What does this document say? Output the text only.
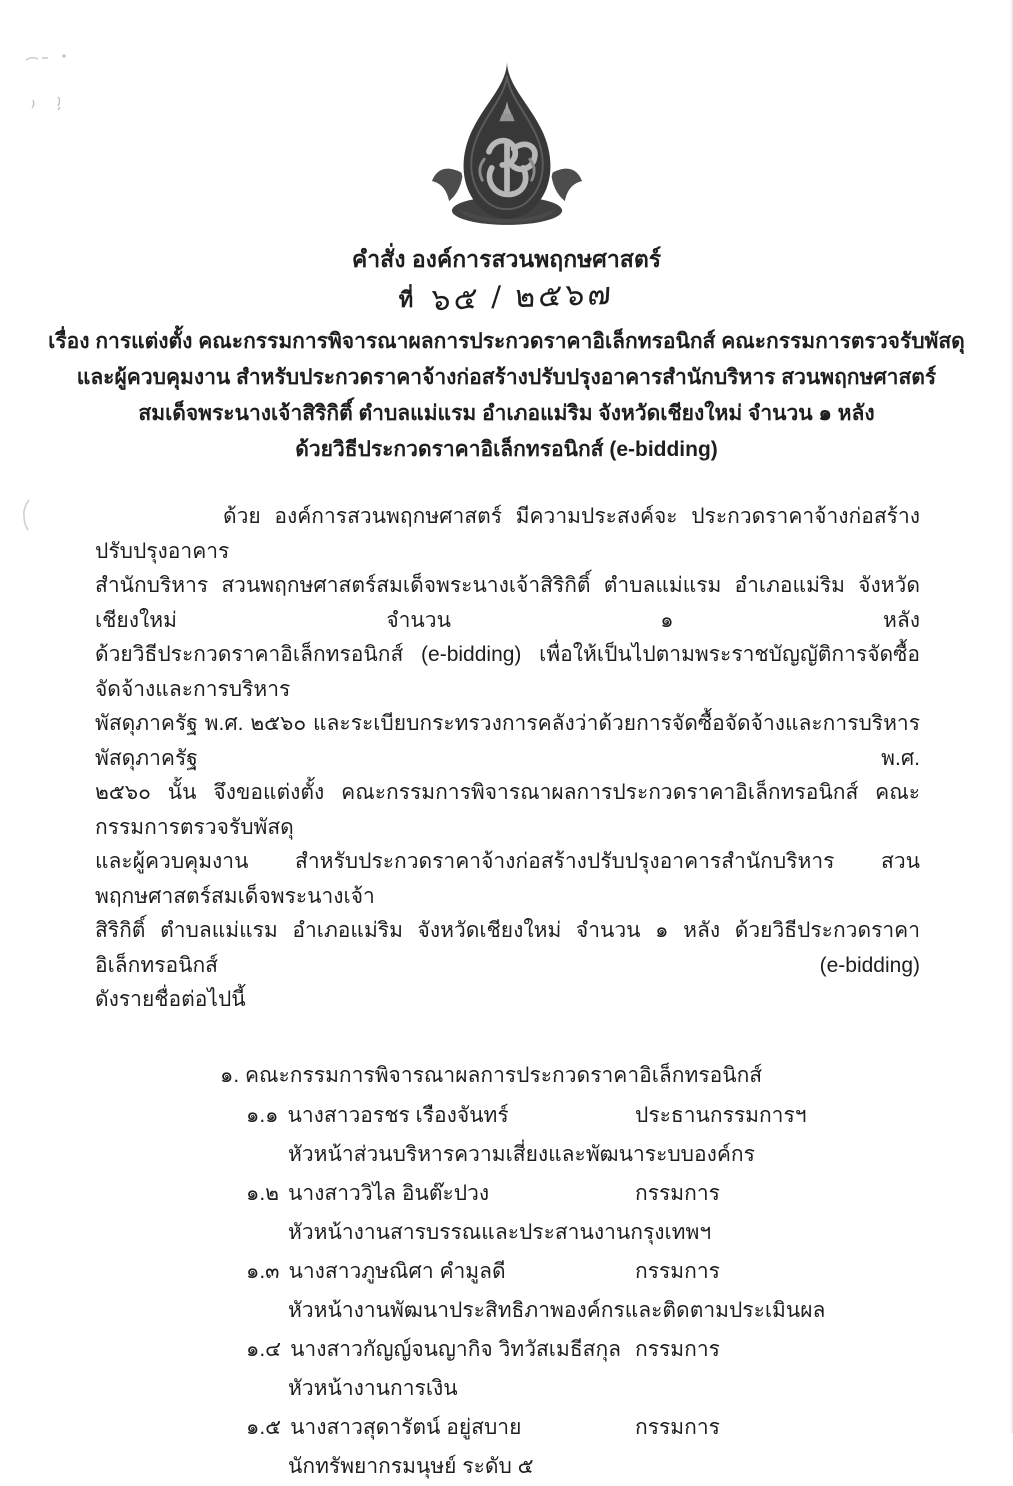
คำสั่ง องค์การสวนพฤกษศาสตร์
ที่ ๖๕ / ๒๕๖๗
เรื่อง การแต่งตั้ง คณะกรรมการพิจารณาผลการประกวดราคาอิเล็กทรอนิกส์ คณะกรรมการตรวจรับพัสดุ
และผู้ควบคุมงาน สำหรับประกวดราคาจ้างก่อสร้างปรับปรุงอาคารสำนักบริหาร สวนพฤกษศาสตร์
สมเด็จพระนางเจ้าสิริกิติ์ ตำบลแม่แรม อำเภอแม่ริม จังหวัดเชียงใหม่ จำนวน ๑ หลัง
ด้วยวิธีประกวดราคาอิเล็กทรอนิกส์ (e-bidding)
ด้วย องค์การสวนพฤกษศาสตร์ มีความประสงค์จะ ประกวดราคาจ้างก่อสร้างปรับปรุงอาคาร
สำนักบริหาร สวนพฤกษศาสตร์สมเด็จพระนางเจ้าสิริกิติ์ ตำบลแม่แรม อำเภอแม่ริม จังหวัดเชียงใหม่ จำนวน ๑ หลัง
ด้วยวิธีประกวดราคาอิเล็กทรอนิกส์ (e-bidding) เพื่อให้เป็นไปตามพระราชบัญญัติการจัดซื้อจัดจ้างและการบริหาร
พัสดุภาครัฐ พ.ศ. ๒๕๖๐ และระเบียบกระทรวงการคลังว่าด้วยการจัดซื้อจัดจ้างและการบริหารพัสดุภาครัฐ พ.ศ.
๒๕๖๐ นั้น จึงขอแต่งตั้ง คณะกรรมการพิจารณาผลการประกวดราคาอิเล็กทรอนิกส์ คณะกรรมการตรวจรับพัสดุ
และผู้ควบคุมงาน สำหรับประกวดราคาจ้างก่อสร้างปรับปรุงอาคารสำนักบริหาร สวนพฤกษศาสตร์สมเด็จพระนางเจ้า
สิริกิติ์ ตำบลแม่แรม อำเภอแม่ริม จังหวัดเชียงใหม่ จำนวน ๑ หลัง ด้วยวิธีประกวดราคาอิเล็กทรอนิกส์ (e-bidding)
ดังรายชื่อต่อไปนี้
๑. คณะกรรมการพิจารณาผลการประกวดราคาอิเล็กทรอนิกส์
๑.๑ นางสาวอรชร เรืองจันทร์	ประธานกรรมการฯ
หัวหน้าส่วนบริหารความเสี่ยงและพัฒนาระบบองค์กร
๑.๒ นางสาววิไล อินต๊ะปวง	กรรมการ
หัวหน้างานสารบรรณและประสานงานกรุงเทพฯ
๑.๓ นางสาวภูษณิศา คำมูลดี	กรรมการ
หัวหน้างานพัฒนาประสิทธิภาพองค์กรและติดตามประเมินผล
๑.๔ นางสาวกัญญ์จนญากิจ วิทวัสเมธีสกุล กรรมการ
หัวหน้างานการเงิน
๑.๕ นางสาวสุดารัตน์ อยู่สบาย	กรรมการ
นักทรัพยากรมนุษย์ ระดับ ๕
